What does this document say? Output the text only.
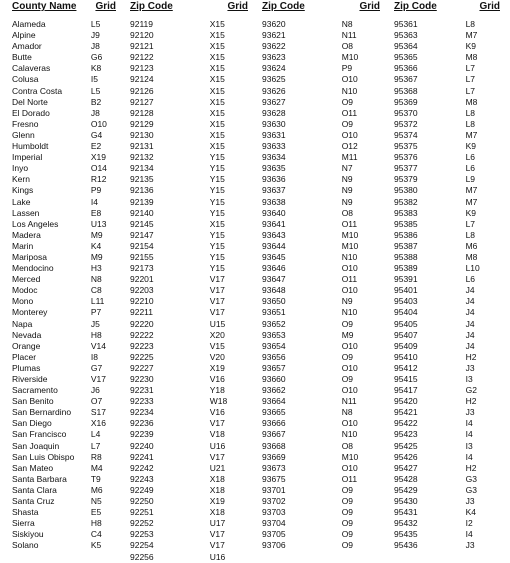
County Name	Grid

Alameda	L5
Alpine	J9
Amador	J8
Butte	G6
Calaveras	K8
Colusa	I5
Contra Costa	L5
Del Norte	B2
El Dorado	J8
Fresno	O10
Glenn	G4
Humboldt	E2
Imperial	X19
Inyo	O14
Kern	R12
Kings	P9
Lake	I4
Lassen	E8
Los Angeles	U13
Madera	M9
Marin	K4
Mariposa	M9
Mendocino	H3
Merced	N8
Modoc	C8
Mono	L11
Monterey	P7
Napa	J5
Nevada	H8
Orange	V14
Placer	I8
Plumas	G7
Riverside	V17
Sacramento	J6
San Benito	O7
San Bernardino	S17
San Diego	X16
San Francisco	L4
San Joaquin	L7
San Luis Obispo	R8
San Mateo	M4
Santa Barbara	T9
Santa Clara	M6
Santa Cruz	N5
Shasta	E5
Sierra	H8
Siskiyou	C4
Solano	K5
Zip Code	Grid

92119	X15
92120	X15
92121	X15
92122	X15
92123	X15
92124	X15
92126	X15
92127	X15
92128	X15
92129	X15
92130	X15
92131	X15
92132	Y15
92134	Y15
92135	Y15
92136	Y15
92139	Y15
92140	Y15
92145	X15
92147	Y15
92154	Y15
92155	Y15
92173	Y15
92201	V17
92203	V17
92210	V17
92211	V17
92220	U15
92222	X20
92223	V15
92225	V20
92227	X19
92230	V16
92231	Y18
92233	W18
92234	V16
92236	V17
92239	V18
92240	U16
92241	V17
92242	U21
92243	X18
92249	X18
92250	X19
92251	X18
92252	U17
92253	V17
92254	V17
92256	U16
Zip Code	Grid

93620	N8
93621	N11
93622	O8
93623	M10
93624	P9
93625	O10
93626	N10
93627	O9
93628	O11
93630	O9
93631	O10
93633	O12
93634	M11
93635	N7
93636	N9
93637	N9
93638	N9
93640	O8
93641	O11
93643	M10
93644	M10
93645	N10
93646	O10
93647	O11
93648	O10
93650	N9
93651	N10
93652	O9
93653	M9
93654	O10
93656	O9
93657	O10
93660	O9
93662	O10
93664	N11
93665	N8
93666	O10
93667	N10
93668	O8
93669	M10
93673	O10
93675	O11
93701	O9
93702	O9
93703	O9
93704	O9
93705	O9
93706	O9
Zip Code	Grid

95361	L8
95363	M7
95364	K9
95365	M8
95366	L7
95367	L7
95368	L7
95369	M8
95370	L8
95372	L8
95374	M7
95375	K9
95376	L6
95377	L6
95379	L9
95380	M7
95382	M7
95383	K9
95385	L7
95386	L8
95387	M6
95388	M8
95389	L10
95391	L6
95401	J4
95403	J4
95404	J4
95405	J4
95407	J4
95409	J4
95410	H2
95412	J3
95415	I3
95417	G2
95420	H2
95421	J3
95422	I4
95423	I4
95425	I3
95426	I4
95427	H2
95428	G3
95429	G3
95430	J3
95431	K4
95432	I2
95435	I4
95436	J3
